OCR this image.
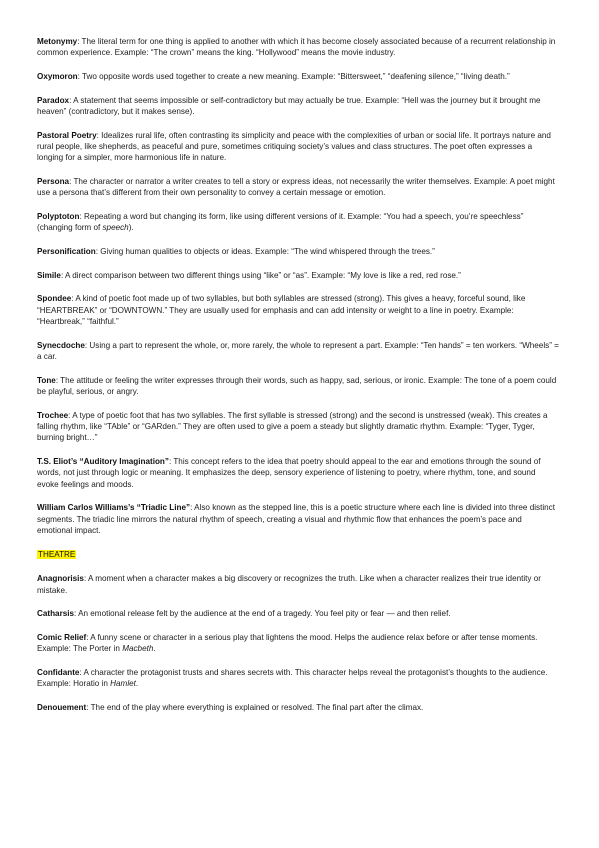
Metonymy: The literal term for one thing is applied to another with which it has become closely associated because of a recurrent relationship in common experience. Example: “The crown” means the king. “Hollywood” means the movie industry.

Oxymoron: Two opposite words used together to create a new meaning. Example: “Bittersweet,” “deafening silence,” “living death.”

Paradox: A statement that seems impossible or self-contradictory but may actually be true. Example: “Hell was the journey but it brought me heaven” (contradictory, but it makes sense).

Pastoral Poetry: Idealizes rural life, often contrasting its simplicity and peace with the complexities of urban or social life. It portrays nature and rural people, like shepherds, as peaceful and pure, sometimes critiquing society’s values and class structures. The poet often expresses a longing for a simpler, more harmonious life in nature.

Persona: The character or narrator a writer creates to tell a story or express ideas, not necessarily the writer themselves. Example: A poet might use a persona that’s different from their own personality to convey a certain message or emotion.

Polyptoton: Repeating a word but changing its form, like using different versions of it. Example: “You had a speech, you’re speechless” (changing form of speech).

Personification: Giving human qualities to objects or ideas. Example: “The wind whispered through the trees.”

Simile: A direct comparison between two different things using “like” or “as”. Example: “My love is like a red, red rose.”

Spondee: A kind of poetic foot made up of two syllables, but both syllables are stressed (strong). This gives a heavy, forceful sound, like “HEARTBREAK” or “DOWNTOWN.” They are usually used for emphasis and can add intensity or weight to a line in poetry. Example: “Heartbreak,” “faithful.”

Synecdoche: Using a part to represent the whole, or, more rarely, the whole to represent a part. Example: “Ten hands” = ten workers. “Wheels” = a car.

Tone: The attitude or feeling the writer expresses through their words, such as happy, sad, serious, or ironic. Example: The tone of a poem could be playful, serious, or angry.

Trochee: A type of poetic foot that has two syllables. The first syllable is stressed (strong) and the second is unstressed (weak). This creates a falling rhythm, like “TAble” or “GARden.” They are often used to give a poem a steady but slightly dramatic rhythm. Example: “Tyger, Tyger, burning bright…”

T.S. Eliot’s “Auditory Imagination”: This concept refers to the idea that poetry should appeal to the ear and emotions through the sound of words, not just through logic or meaning. It emphasizes the deep, sensory experience of listening to poetry, where rhythm, tone, and sound evoke feelings and moods.

William Carlos Williams’s “Triadic Line”: Also known as the stepped line, this is a poetic structure where each line is divided into three distinct segments. The triadic line mirrors the natural rhythm of speech, creating a visual and rhythmic flow that enhances the poem’s pace and emotional impact.

THEATRE

Anagnorisis: A moment when a character makes a big discovery or recognizes the truth. Like when a character realizes their true identity or mistake.

Catharsis: An emotional release felt by the audience at the end of a tragedy. You feel pity or fear — and then relief.

Comic Relief: A funny scene or character in a serious play that lightens the mood. Helps the audience relax before or after tense moments. Example: The Porter in Macbeth.

Confidante: A character the protagonist trusts and shares secrets with. This character helps reveal the protagonist’s thoughts to the audience. Example: Horatio in Hamlet.

Denouement: The end of the play where everything is explained or resolved. The final part after the climax.
